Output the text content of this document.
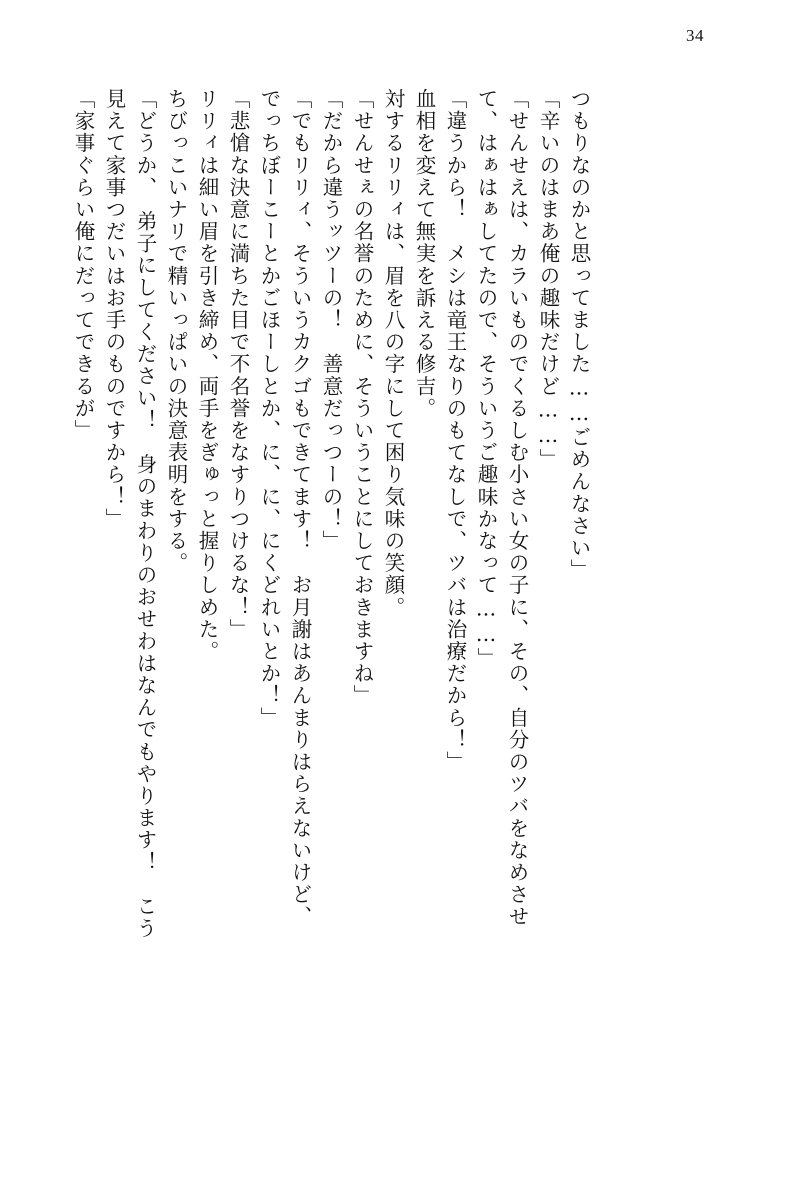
34
「家事ぐらい俺にだってできるが」 見えて家事つだいはお手のものですから！」 「どうか、　弟子にしてください！　身のまわりのおせわはなんでもやります！　こう ちびっこいナリで精いっぱいの決意表明をする。 リリィは細い眉を引き締め、両手をぎゅっと握りしめた。 「悲愴な決意に満ちた目で不名誉をなすりつけるな！」 でっちぼーこーとかごほーしとか、に、に、にくどれいとか！」 「でもリリィ、そういうカクゴもできてます！　お月謝はあんまりはらえないけど、 「だから違うッツーの！　善意だっつーの！」 「せんせぇの名誉のために、そういうことにしておきますね」 対するリリィは、眉を八の字にして困り気味の笑顔。 血相を変えて無実を訴える修吉。 「違うから！　メシは竜王なりのもてなしで、ツバは治療だから！」 て、はぁはぁしてたので、そういうご趣味かなって……」 「せんせえは、カラいものでくるしむ小さい女の子に、その、自分のツバをなめさせ 「辛いのはまあ俺の趣味だけど……」 つもりなのかと思ってました……ごめんなさい」
